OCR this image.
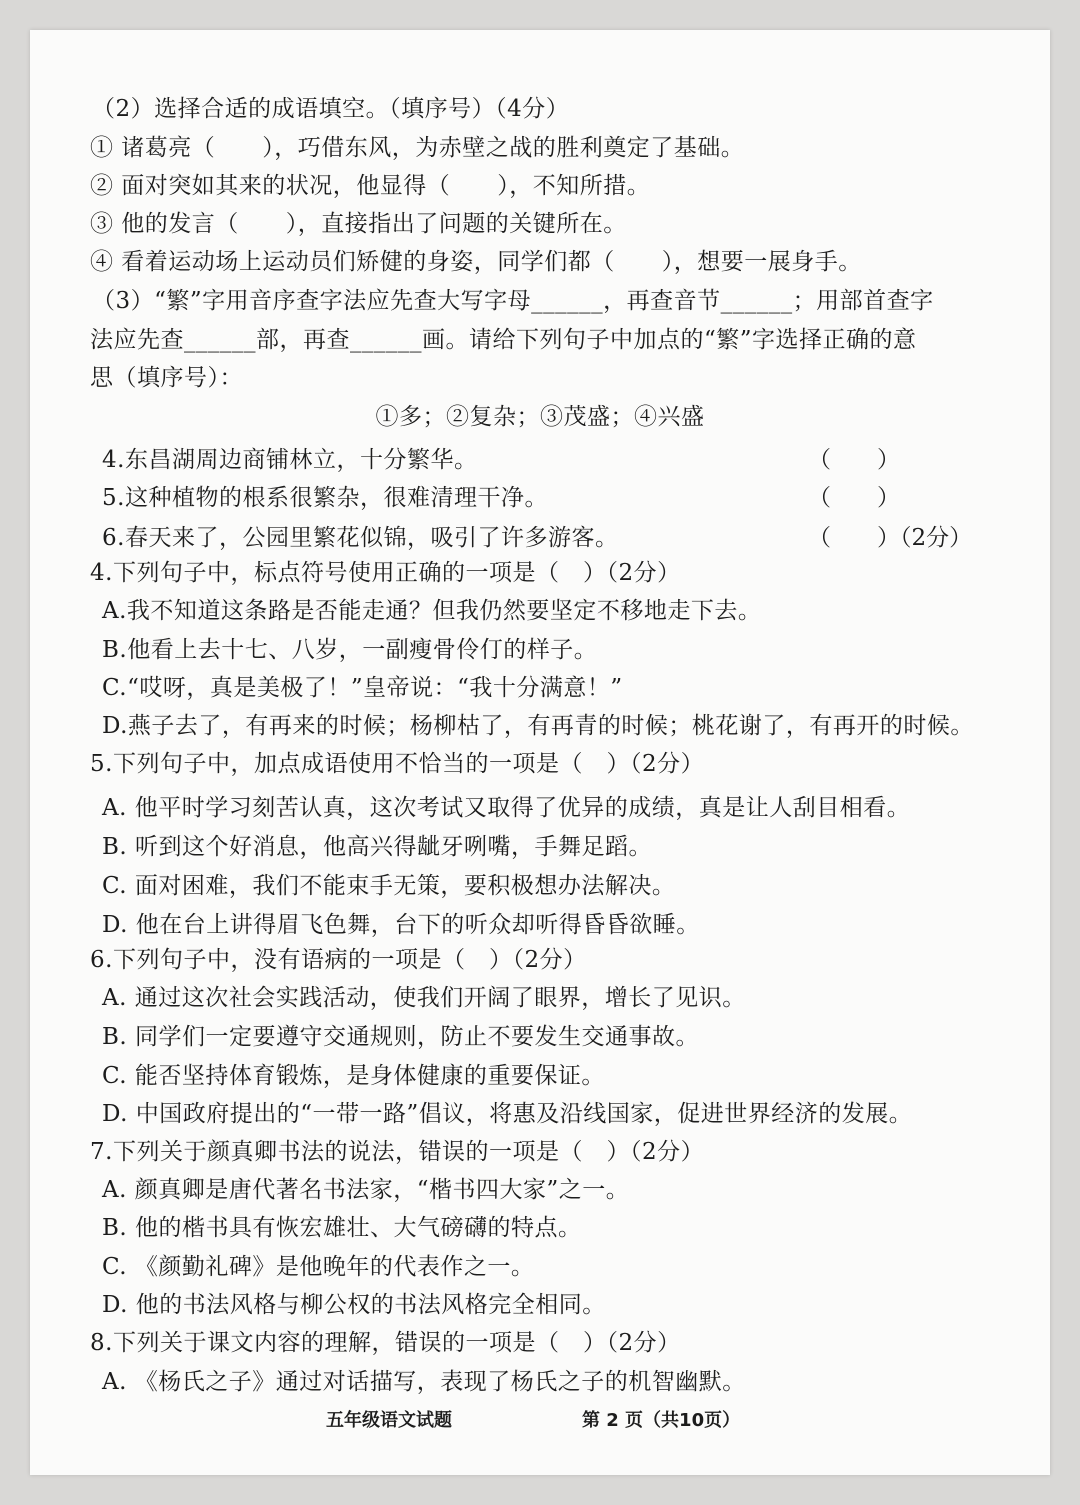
（2）选择合适的成语填空。（填序号）（4分）
① 诸葛亮（　　），巧借东风，为赤壁之战的胜利奠定了基础。
② 面对突如其来的状况，他显得（　　），不知所措。
③ 他的发言（　　），直接指出了问题的关键所在。
④ 看着运动场上运动员们矫健的身姿，同学们都（　　），想要一展身手。
（3）“繁”字用音序查字法应先查大写字母______，再查音节______；用部首查字
法应先查______部，再查______画。请给下列句子中加点的“繁”字选择正确的意
思（填序号）：
①多；②复杂；③茂盛；④兴盛
4.东昌湖周边商铺林立，十分繁华。	（　　）
5.这种植物的根系很繁杂，很难清理干净。	（　　）
6.春天来了，公园里繁花似锦，吸引了许多游客。	（　　）（2分）
4.下列句子中，标点符号使用正确的一项是（　）（2分）
A.我不知道这条路是否能走通？但我仍然要坚定不移地走下去。
B.他看上去十七、八岁，一副瘦骨伶仃的样子。
C.“哎呀，真是美极了！”皇帝说：“我十分满意！”
D.燕子去了，有再来的时候；杨柳枯了，有再青的时候；桃花谢了，有再开的时候。
5.下列句子中，加点成语使用不恰当的一项是（　）（2分）
A. 他平时学习刻苦认真，这次考试又取得了优异的成绩，真是让人刮目相看。
B. 听到这个好消息，他高兴得龇牙咧嘴，手舞足蹈。
C. 面对困难，我们不能束手无策，要积极想办法解决。
D. 他在台上讲得眉飞色舞，台下的听众却听得昏昏欲睡。
6.下列句子中，没有语病的一项是（　）（2分）
A. 通过这次社会实践活动，使我们开阔了眼界，增长了见识。
B. 同学们一定要遵守交通规则，防止不要发生交通事故。
C. 能否坚持体育锻炼，是身体健康的重要保证。
D. 中国政府提出的“一带一路”倡议，将惠及沿线国家，促进世界经济的发展。
7.下列关于颜真卿书法的说法，错误的一项是（　）（2分）
A. 颜真卿是唐代著名书法家，“楷书四大家”之一。
B. 他的楷书具有恢宏雄壮、大气磅礴的特点。
C. 《颜勤礼碑》是他晚年的代表作之一。
D. 他的书法风格与柳公权的书法风格完全相同。
8.下列关于课文内容的理解，错误的一项是（　）（2分）
A. 《杨氏之子》通过对话描写，表现了杨氏之子的机智幽默。
五年级语文试题	第 2 页（共10页）
